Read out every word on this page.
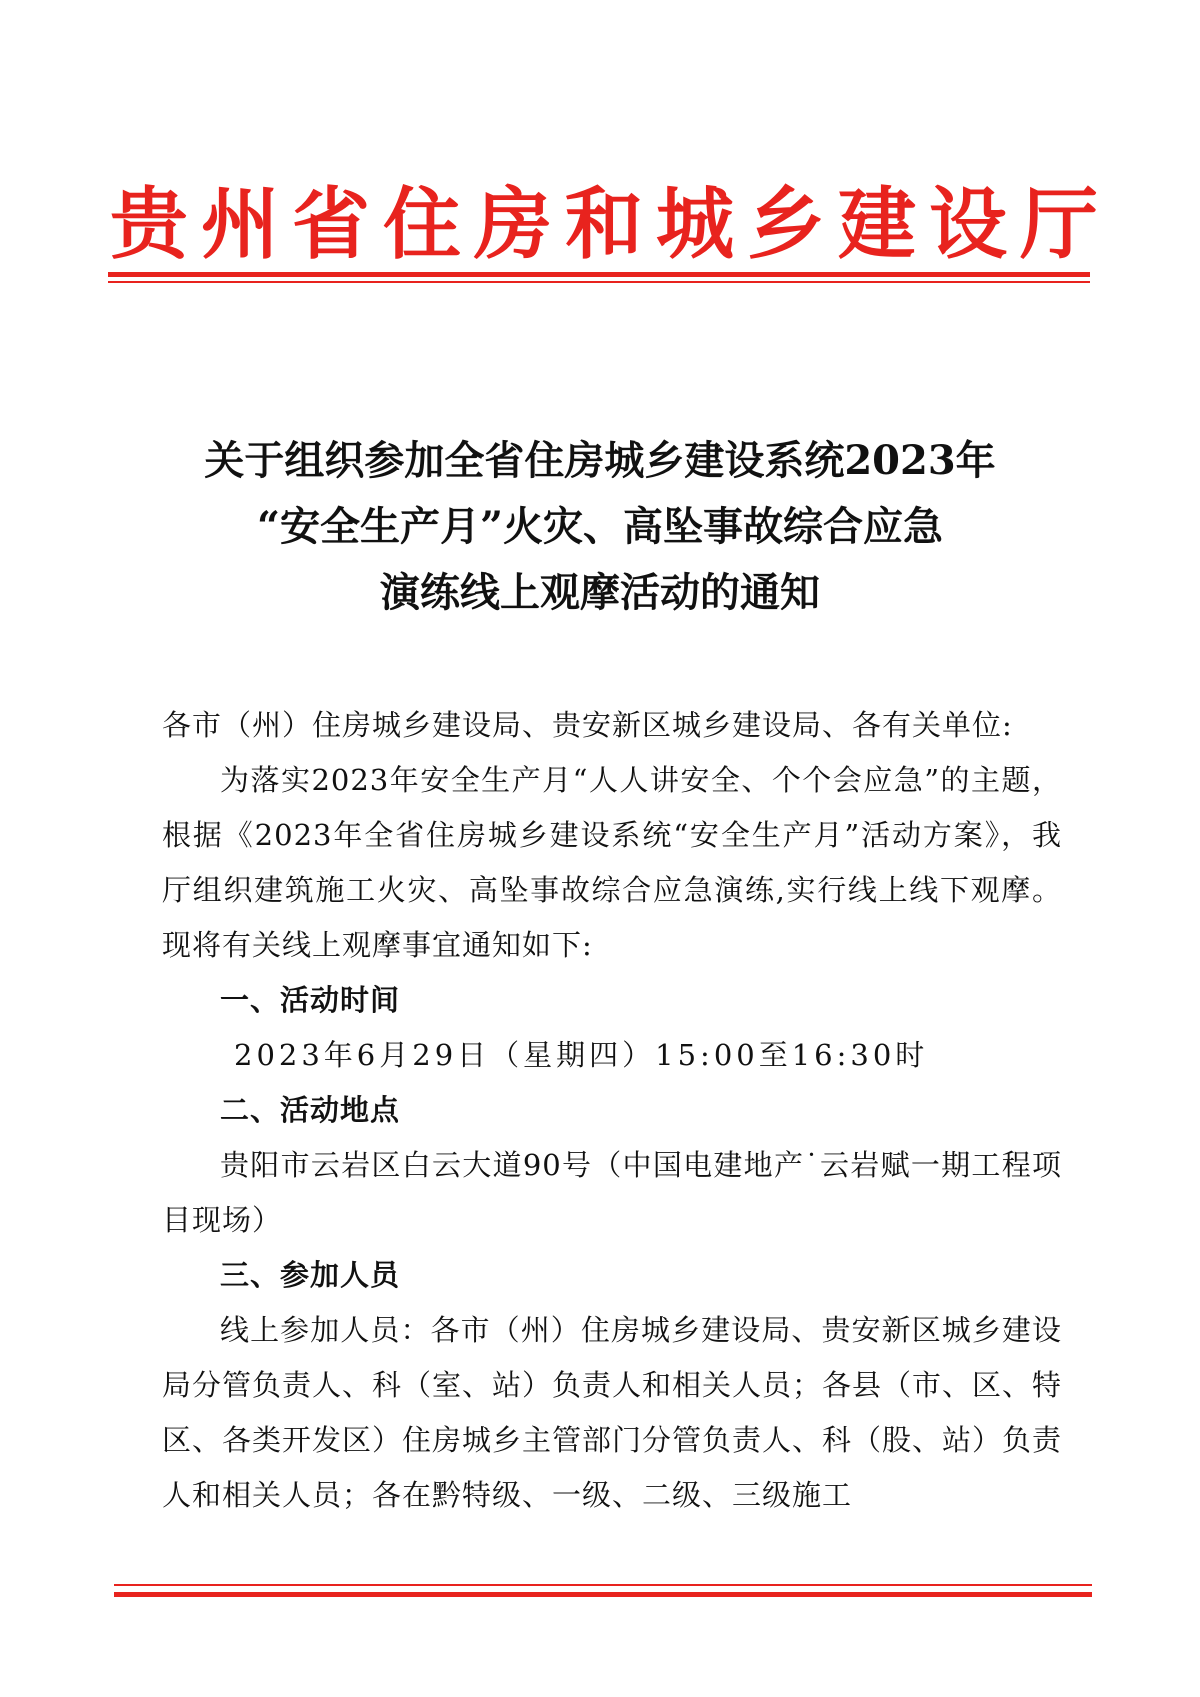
贵州省住房和城乡建设厅
关于组织参加全省住房城乡建设系统2023年
“安全生产月”火灾、高坠事故综合应急
演练线上观摩活动的通知

各市（州）住房城乡建设局、贵安新区城乡建设局、各有关单位:

为落实2023年安全生产月“人人讲安全、个个会应急”的主题，根据《2023年全省住房城乡建设系统“安全生产月”活动方案》，我厅组织建筑施工火灾、高坠事故综合应急演练,实行线上线下观摩。现将有关线上观摩事宜通知如下:

一、活动时间

2023年6月29日（星期四）15:00至16:30时

二、活动地点

贵阳市云岩区白云大道90号（中国电建地产˙云岩赋一期工程项目现场）

三、参加人员

线上参加人员：各市（州）住房城乡建设局、贵安新区城乡建设局分管负责人、科（室、站）负责人和相关人员；各县（市、区、特区、各类开发区）住房城乡主管部门分管负责人、科（股、站）负责人和相关人员；各在黔特级、一级、二级、三级施工
